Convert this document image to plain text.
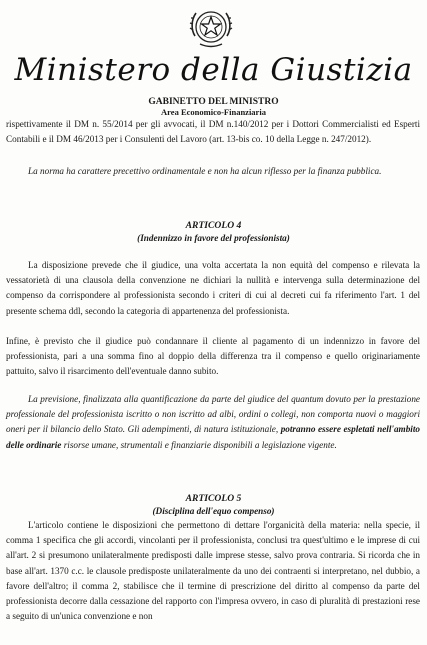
Ministero della Giustizia
GABINETTO DEL MINISTRO
Area Economico-Finanziaria

rispettivamente il DM n. 55/2014 per gli avvocati, il DM n.140/2012 per i Dottori Commercialisti ed Esperti Contabili e il DM 46/2013 per i Consulenti del Lavoro (art. 13-bis co. 10 della Legge n. 247/2012).

La norma ha carattere precettivo ordinamentale e non ha alcun riflesso per la finanza pubblica.

ARTICOLO 4
(Indennizzo in favore del professionista)

La disposizione prevede che il giudice, una volta accertata la non equità del compenso e rilevata la vessatorietà di una clausola della convenzione ne dichiari la nullità e intervenga sulla determinazione del compenso da corrispondere al professionista secondo i criteri di cui al decreti cui fa riferimento l'art. 1 del presente schema ddl, secondo la categoria di appartenenza del professionista.

Infine, è previsto che il giudice può condannare il cliente al pagamento di un indennizzo in favore del professionista, pari a una somma fino al doppio della differenza tra il compenso e quello originariamente pattuito, salvo il risarcimento dell'eventuale danno subito.

La previsione, finalizzata alla quantificazione da parte del giudice del quantum dovuto per la prestazione professionale del professionista iscritto o non iscritto ad albi, ordini o collegi, non comporta nuovi o maggiori oneri per il bilancio dello Stato. Gli adempimenti, di natura istituzionale, potranno essere espletati nell'ambito delle ordinarie risorse umane, strumentali e finanziarie disponibili a legislazione vigente.

ARTICOLO 5
(Disciplina dell'equo compenso)

L'articolo contiene le disposizioni che permettono di dettare l'organicità della materia: nella specie, il comma 1 specifica che gli accordi, vincolanti per il professionista, conclusi tra quest'ultimo e le imprese di cui all'art. 2 si presumono unilateralmente predisposti dalle imprese stesse, salvo prova contraria. Si ricorda che in base all'art. 1370 c.c. le clausole predisposte unilateralmente da uno dei contraenti si interpretano, nel dubbio, a favore dell'altro; il comma 2, stabilisce che il termine di prescrizione del diritto al compenso da parte del professionista decorre dalla cessazione del rapporto con l'impresa ovvero, in caso di pluralità di prestazioni rese a seguito di un'unica convenzione e non
